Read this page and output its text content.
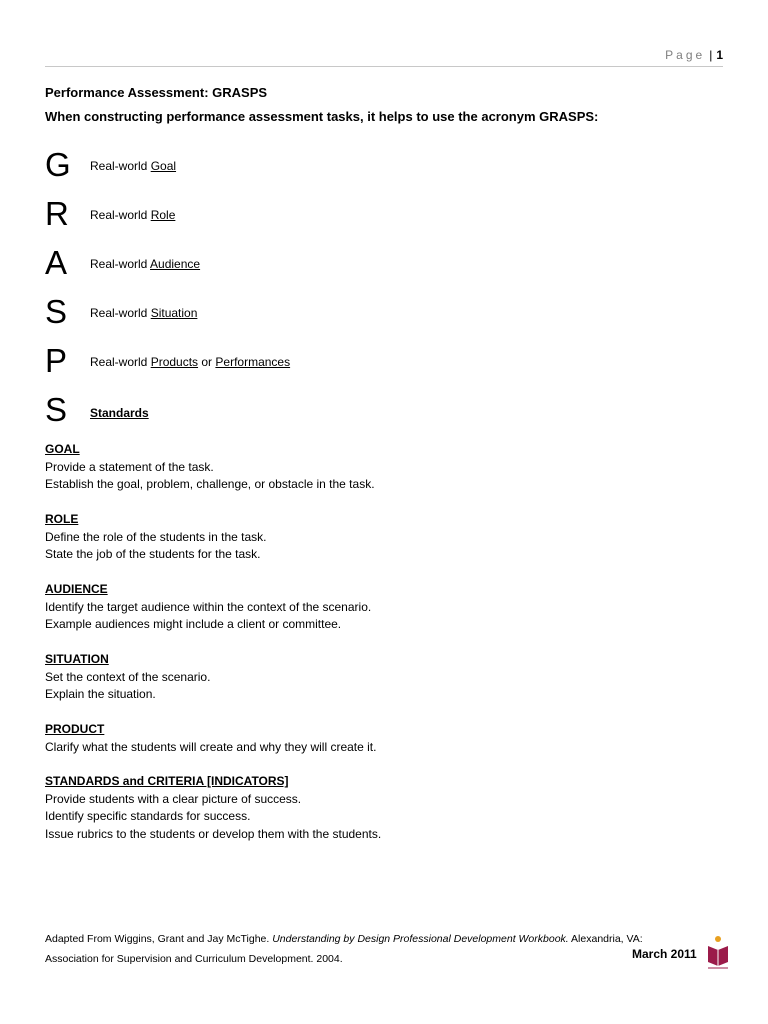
Page | 1
Performance Assessment: GRASPS
When constructing performance assessment tasks, it helps to use the acronym GRASPS:
G	Real-world Goal
R	Real-world Role
A	Real-world Audience
S	Real-world Situation
P	Real-world Products or Performances
S	Standards
GOAL
Provide a statement of the task.
Establish the goal, problem, challenge, or obstacle in the task.
ROLE
Define the role of the students in the task.
State the job of the students for the task.
AUDIENCE
Identify the target audience within the context of the scenario.
Example audiences might include a client or committee.
SITUATION
Set the context of the scenario.
Explain the situation.
PRODUCT
Clarify what the students will create and why they will create it.
STANDARDS and CRITERIA [INDICATORS]
Provide students with a clear picture of success.
Identify specific standards for success.
Issue rubrics to the students or develop them with the students.
Adapted From Wiggins, Grant and Jay McTighe. Understanding by Design Professional Development Workbook. Alexandria, VA:
Association for Supervision and Curriculum Development. 2004.	March 2011
